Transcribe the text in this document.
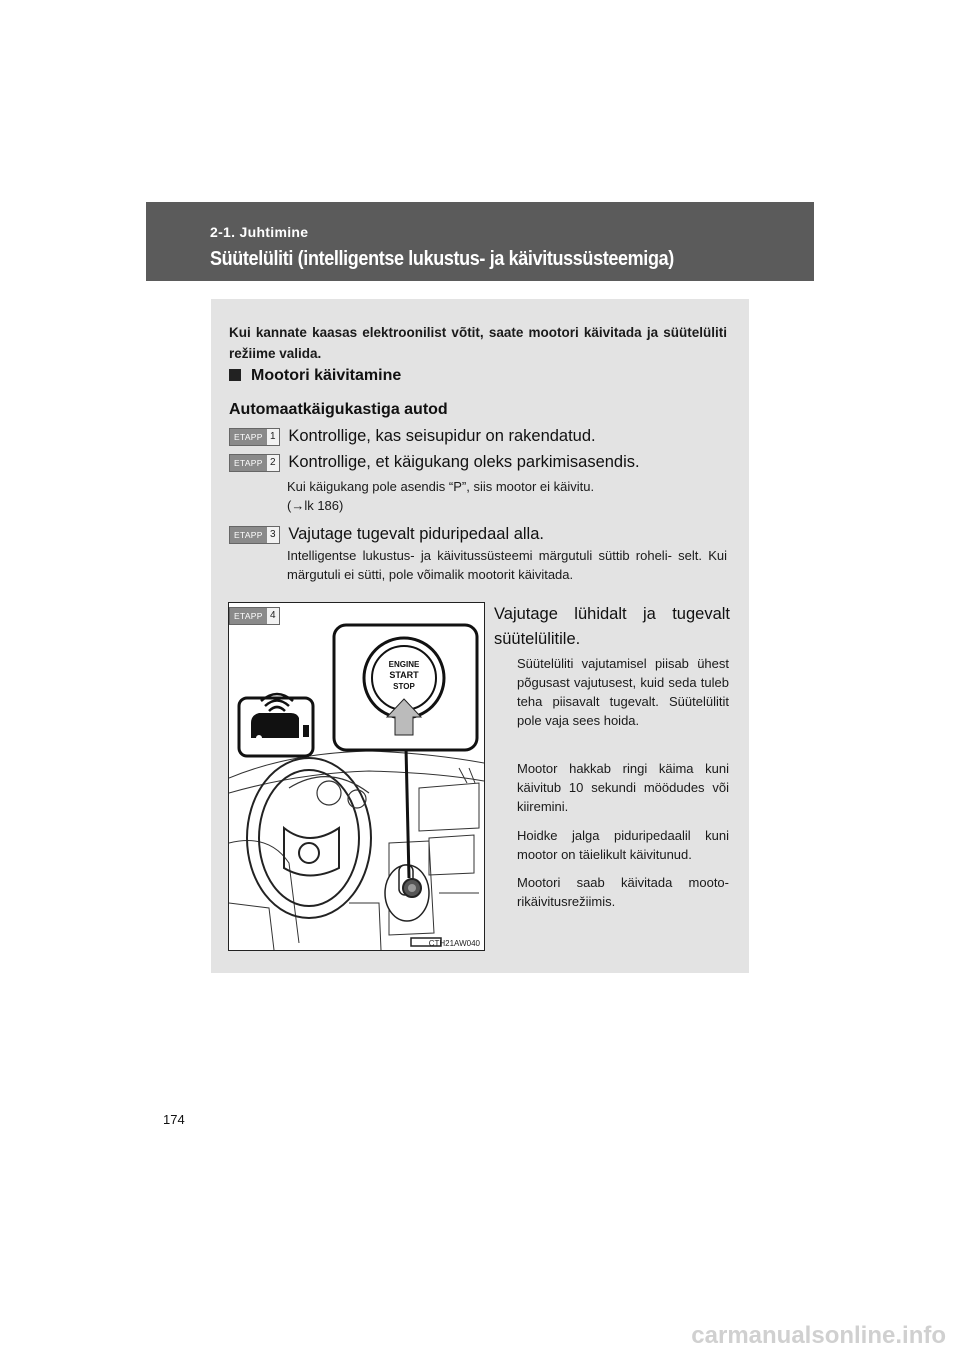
2-1. Juhtimine
Süütelüliti (intelligentse lukustus- ja käivitussüsteemiga)
Kui kannate kaasas elektroonilist võtit, saate mootori käivitada ja süütelüliti režiime valida.
Mootori käivitamine
Automaatkäigukastiga autod
ETAPP 1 Kontrollige, kas seisupidur on rakendatud.
ETAPP 2 Kontrollige, et käigukang oleks parkimisasendis.
Kui käigukang pole asendis “P”, siis mootor ei käivitu.
(→lk 186)
ETAPP 3 Vajutage tugevalt piduripedaal alla.
Intelligentse lukustus- ja käivitussüsteemi märgutuli süttib roheli- selt. Kui märgutuli ei sütti, pole võimalik mootorit käivitada.
ETAPP 4
ENGINE
START
STOP
CTH21AW040
Vajutage lühidalt ja tugevalt süütelülitile.
Süütelüliti vajutamisel piisab ühest põgusast vajutusest, kuid seda tuleb teha piisavalt tugevalt. Süütelülitit pole vaja sees hoida.
Mootor hakkab ringi käima kuni käivitub 10 sekundi möödudes või kiiremini.
Hoidke jalga piduripedaalil kuni mootor on täielikult käivitunud.
Mootori saab käivitada mooto- rikäivitusrežiimis.
174
carmanualsonline.info
